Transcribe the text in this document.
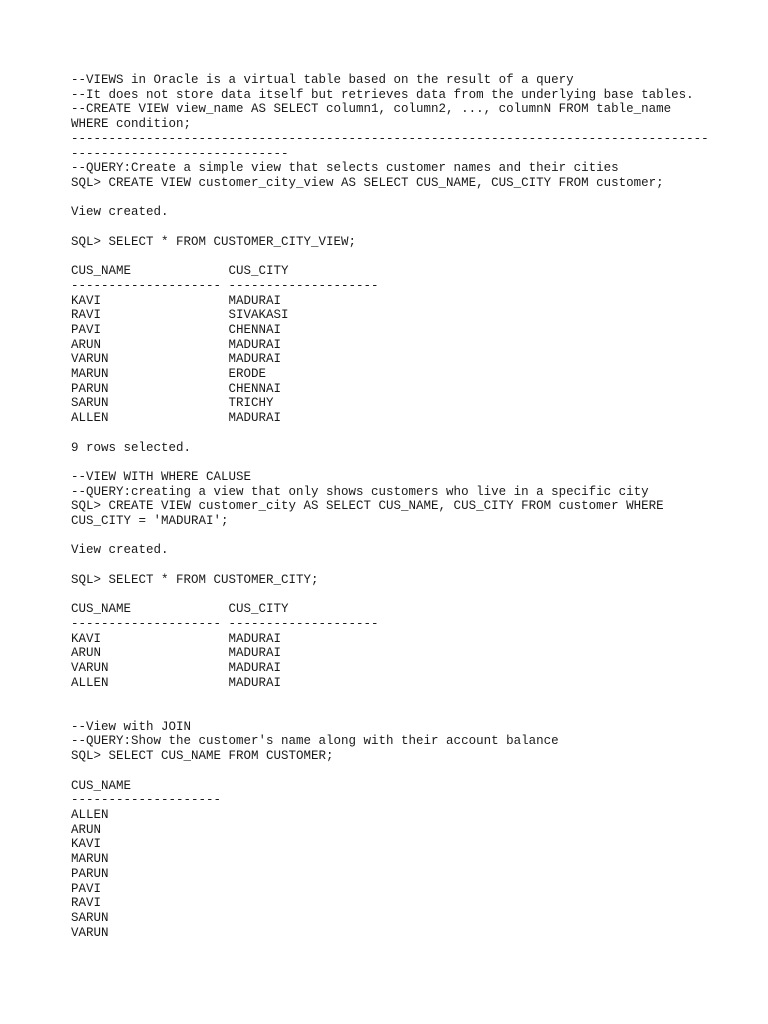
--VIEWS in Oracle is a virtual table based on the result of a query
--It does not store data itself but retrieves data from the underlying base tables.
--CREATE VIEW view_name AS SELECT column1, column2, ..., columnN FROM table_name
WHERE condition;
-------------------------------------------------------------------------------------
-----------------------------
--QUERY:Create a simple view that selects customer names and their cities
SQL> CREATE VIEW customer_city_view AS SELECT CUS_NAME, CUS_CITY FROM customer;
View created.
SQL> SELECT * FROM CUSTOMER_CITY_VIEW;
CUS_NAME             CUS_CITY
-------------------- --------------------
KAVI                 MADURAI
RAVI                 SIVAKASI
PAVI                 CHENNAI
ARUN                 MADURAI
VARUN                MADURAI
MARUN                ERODE
PARUN                CHENNAI
SARUN                TRICHY
ALLEN                MADURAI
9 rows selected.
--VIEW WITH WHERE CALUSE
--QUERY:creating a view that only shows customers who live in a specific city
SQL> CREATE VIEW customer_city AS SELECT CUS_NAME, CUS_CITY FROM customer WHERE
CUS_CITY = 'MADURAI';
View created.
SQL> SELECT * FROM CUSTOMER_CITY;
CUS_NAME             CUS_CITY
-------------------- --------------------
KAVI                 MADURAI
ARUN                 MADURAI
VARUN                MADURAI
ALLEN                MADURAI
--View with JOIN
--QUERY:Show the customer's name along with their account balance
SQL> SELECT CUS_NAME FROM CUSTOMER;
CUS_NAME
--------------------
ALLEN
ARUN
KAVI
MARUN
PARUN
PAVI
RAVI
SARUN
VARUN
